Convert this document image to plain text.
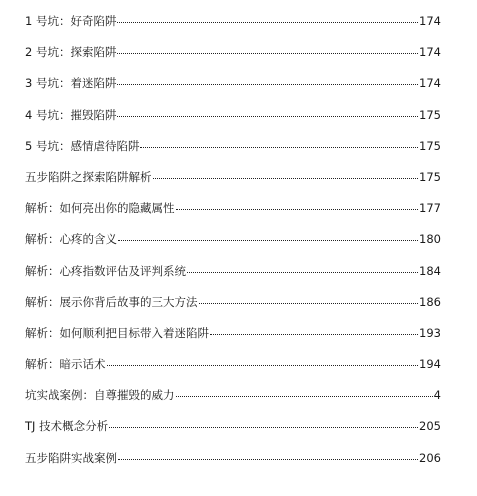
1 号坑：好奇陷阱	174
2 号坑：探索陷阱	174
3 号坑：着迷陷阱	174
4 号坑：摧毁陷阱	175
5 号坑：感情虐待陷阱	175
五步陷阱之探索陷阱解析	175
解析：如何亮出你的隐藏属性	177
解析：心疼的含义	180
解析：心疼指数评估及评判系统	184
解析：展示你背后故事的三大方法	186
解析：如何顺利把目标带入着迷陷阱	193
解析：暗示话术	194
坑实战案例：自尊摧毁的威力	4
TJ 技术概念分析	205
五步陷阱实战案例	206
